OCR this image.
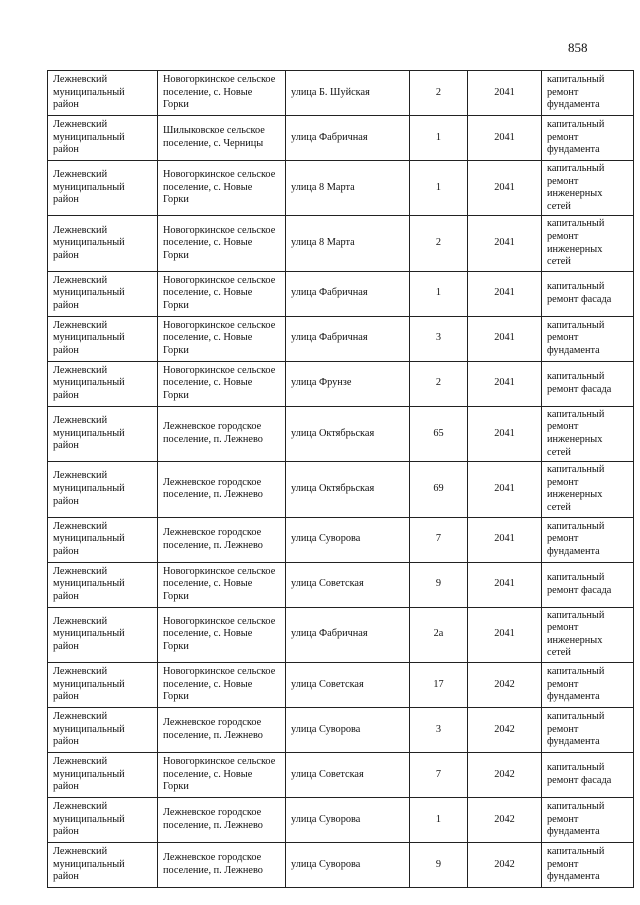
858
Лежневский муниципальный район	Новогоркинское сельское поселение, с. Новые Горки	улица Б. Шуйская	2	2041	капитальный ремонт фундамента
Лежневский муниципальный район	Шилыковское сельское поселение, с. Черницы	улица Фабричная	1	2041	капитальный ремонт фундамента
Лежневский муниципальный район	Новогоркинское сельское поселение, с. Новые Горки	улица 8 Марта	1	2041	капитальный ремонт инженерных сетей
Лежневский муниципальный район	Новогоркинское сельское поселение, с. Новые Горки	улица 8 Марта	2	2041	капитальный ремонт инженерных сетей
Лежневский муниципальный район	Новогоркинское сельское поселение, с. Новые Горки	улица Фабричная	1	2041	капитальный ремонт фасада
Лежневский муниципальный район	Новогоркинское сельское поселение, с. Новые Горки	улица Фабричная	3	2041	капитальный ремонт фундамента
Лежневский муниципальный район	Новогоркинское сельское поселение, с. Новые Горки	улица Фрунзе	2	2041	капитальный ремонт фасада
Лежневский муниципальный район	Лежневское городское поселение, п. Лежнево	улица Октябрьская	65	2041	капитальный ремонт инженерных сетей
Лежневский муниципальный район	Лежневское городское поселение, п. Лежнево	улица Октябрьская	69	2041	капитальный ремонт инженерных сетей
Лежневский муниципальный район	Лежневское городское поселение, п. Лежнево	улица Суворова	7	2041	капитальный ремонт фундамента
Лежневский муниципальный район	Новогоркинское сельское поселение, с. Новые Горки	улица Советская	9	2041	капитальный ремонт фасада
Лежневский муниципальный район	Новогоркинское сельское поселение, с. Новые Горки	улица Фабричная	2а	2041	капитальный ремонт инженерных сетей
Лежневский муниципальный район	Новогоркинское сельское поселение, с. Новые Горки	улица Советская	17	2042	капитальный ремонт фундамента
Лежневский муниципальный район	Лежневское городское поселение, п. Лежнево	улица Суворова	3	2042	капитальный ремонт фундамента
Лежневский муниципальный район	Новогоркинское сельское поселение, с. Новые Горки	улица Советская	7	2042	капитальный ремонт фасада
Лежневский муниципальный район	Лежневское городское поселение, п. Лежнево	улица Суворова	1	2042	капитальный ремонт фундамента
Лежневский муниципальный район	Лежневское городское поселение, п. Лежнево	улица Суворова	9	2042	капитальный ремонт фундамента
